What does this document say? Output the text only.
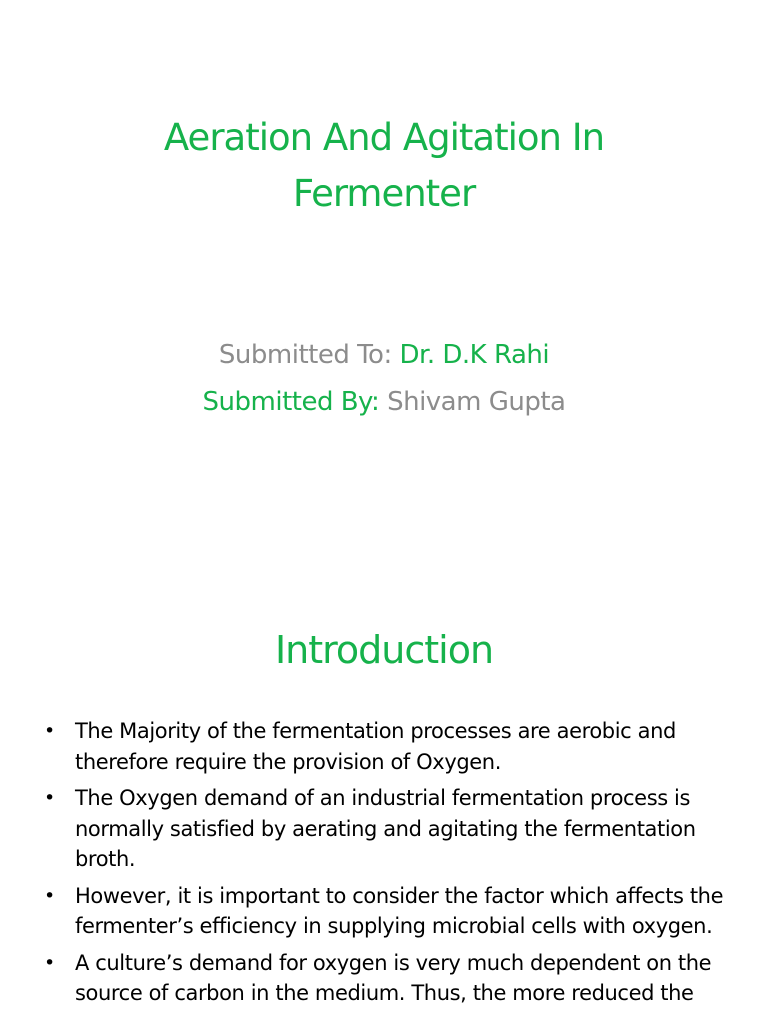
Aeration And Agitation In
Fermenter
Submitted To: Dr. D.K Rahi
Submitted By: Shivam Gupta
Introduction
• The Majority of the fermentation processes are aerobic and therefore require the provision of Oxygen.
• The Oxygen demand of an industrial fermentation process is normally satisfied by aerating and agitating the fermentation broth.
• However, it is important to consider the factor which affects the fermenter’s efficiency in supplying microbial cells with oxygen.
• A culture’s demand for oxygen is very much dependent on the source of carbon in the medium. Thus, the more reduced the
